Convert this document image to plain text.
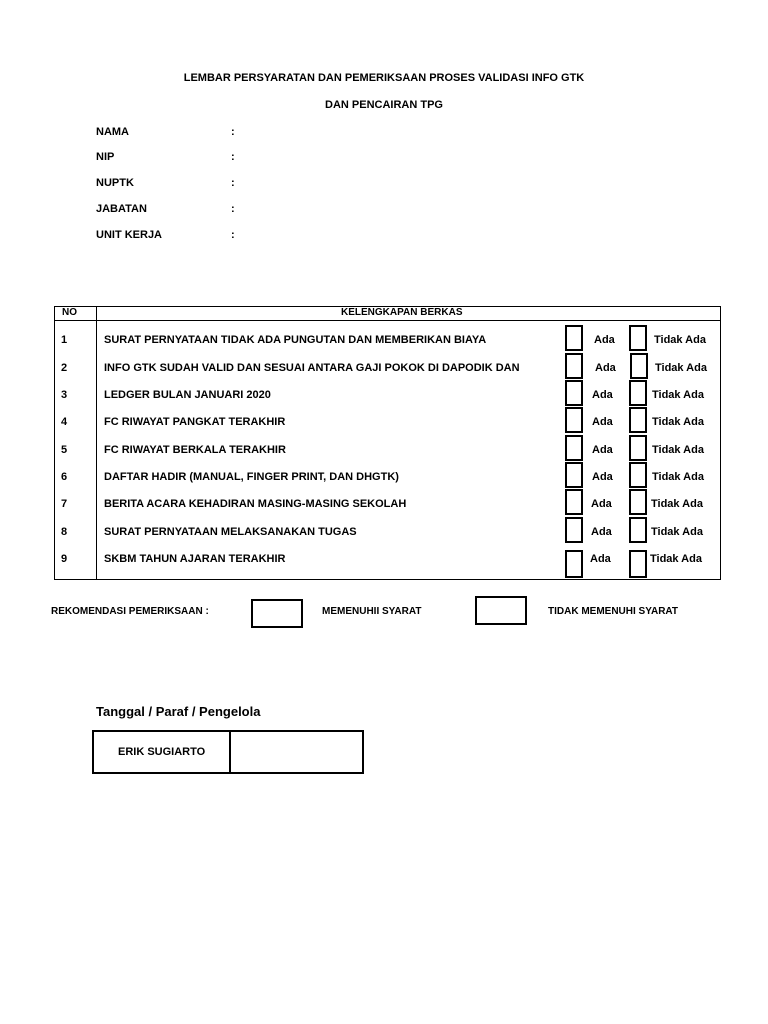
LEMBAR PERSYARATAN DAN PEMERIKSAAN PROSES VALIDASI INFO GTK
DAN PENCAIRAN TPG
NAMA	:
NIP	:
NUPTK	:
JABATAN	:
UNIT KERJA	:
NO	KELENGKAPAN BERKAS
1	SURAT PERNYATAAN TIDAK ADA PUNGUTAN DAN MEMBERIKAN BIAYA	Ada	Tidak Ada
2	INFO GTK SUDAH VALID DAN SESUAI ANTARA GAJI POKOK DI DAPODIK DAN	Ada	Tidak Ada
3	LEDGER BULAN JANUARI 2020	Ada	Tidak Ada
4	FC RIWAYAT PANGKAT TERAKHIR	Ada	Tidak Ada
5	FC RIWAYAT BERKALA TERAKHIR	Ada	Tidak Ada
6	DAFTAR HADIR (MANUAL, FINGER PRINT, DAN DHGTK)	Ada	Tidak Ada
7	BERITA ACARA KEHADIRAN MASING-MASING SEKOLAH	Ada	Tidak Ada
8	SURAT PERNYATAAN MELAKSANAKAN TUGAS	Ada	Tidak Ada
9	SKBM TAHUN AJARAN TERAKHIR	Ada	Tidak Ada
REKOMENDASI PEMERIKSAAN :	MEMENUHII SYARAT	TIDAK MEMENUHI SYARAT
Tanggal / Paraf / Pengelola
ERIK SUGIARTO
